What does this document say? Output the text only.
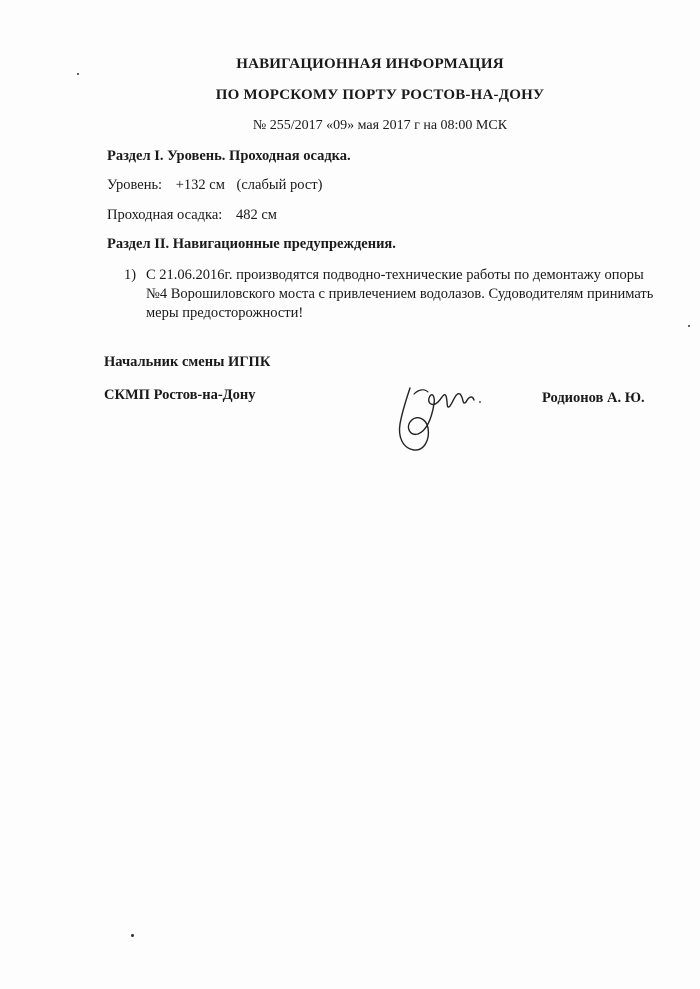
НАВИГАЦИОННАЯ ИНФОРМАЦИЯ
ПО МОРСКОМУ ПОРТУ РОСТОВ-НА-ДОНУ
№ 255/2017 «09» мая 2017 г на 08:00 МСК
Раздел I. Уровень. Проходная осадка.
Уровень: +132 см (слабый рост)
Проходная осадка: 482 см
Раздел II. Навигационные предупреждения.
1) С 21.06.2016г. производятся подводно-технические работы по демонтажу опоры №4 Ворошиловского моста с привлечением водолазов. Судоводителям принимать меры предосторожности!
Начальник смены ИГПК
СКМП Ростов-на-Дону	Родионов А. Ю.
